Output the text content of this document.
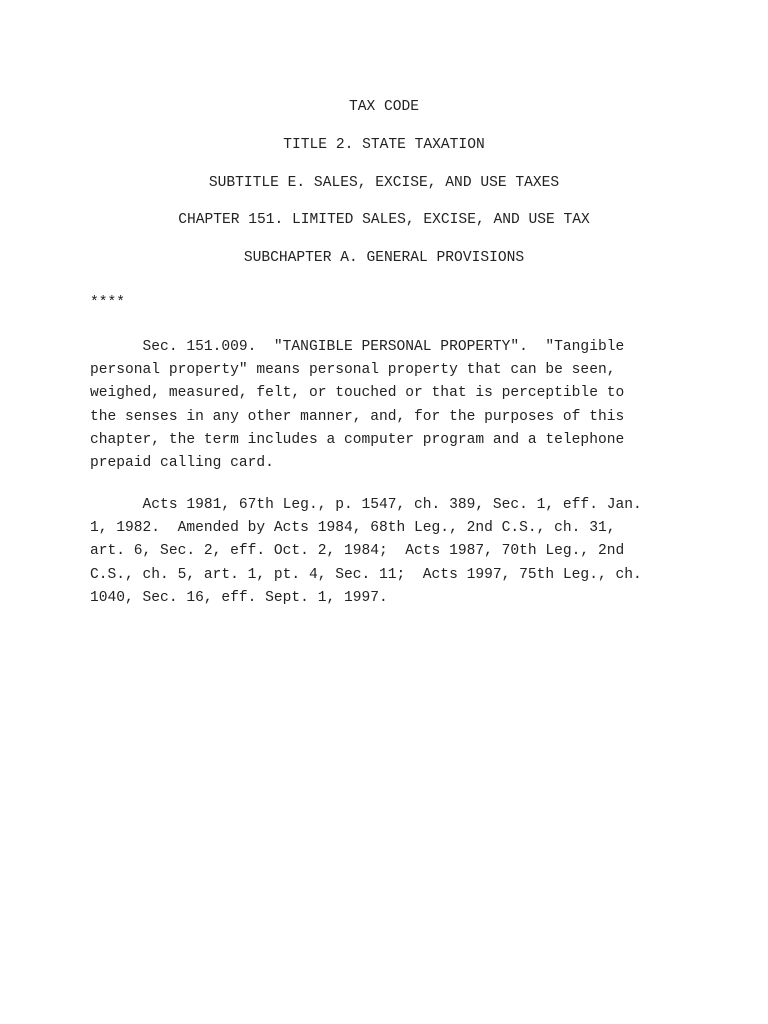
TAX CODE
TITLE 2. STATE TAXATION
SUBTITLE E. SALES, EXCISE, AND USE TAXES
CHAPTER 151. LIMITED SALES, EXCISE, AND USE TAX
SUBCHAPTER A. GENERAL PROVISIONS
****

Sec. 151.009.  "TANGIBLE PERSONAL PROPERTY".  "Tangible
personal property" means personal property that can be seen,
weighed, measured, felt, or touched or that is perceptible to
the senses in any other manner, and, for the purposes of this
chapter, the term includes a computer program and a telephone
prepaid calling card.

Acts 1981, 67th Leg., p. 1547, ch. 389, Sec. 1, eff. Jan.
1, 1982.  Amended by Acts 1984, 68th Leg., 2nd C.S., ch. 31,
art. 6, Sec. 2, eff. Oct. 2, 1984;  Acts 1987, 70th Leg., 2nd
C.S., ch. 5, art. 1, pt. 4, Sec. 11;  Acts 1997, 75th Leg., ch.
1040, Sec. 16, eff. Sept. 1, 1997.
